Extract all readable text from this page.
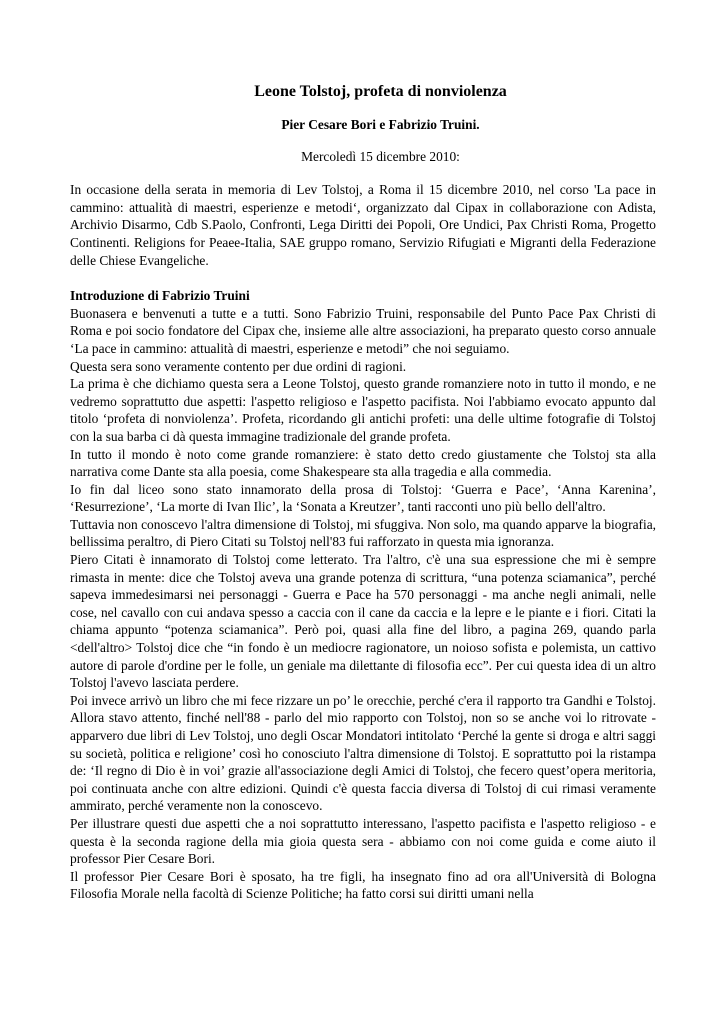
Leone Tolstoj, profeta di nonviolenza
Pier Cesare Bori e Fabrizio Truini.
Mercoledì 15 dicembre 2010:

In occasione della serata in memoria di Lev Tolstoj, a Roma il 15 dicembre 2010, nel corso 'La pace in cammino: attualità di maestri, esperienze e metodi‘, organizzato dal Cipax in collaborazione con Adista, Archivio Disarmo, Cdb S.Paolo, Confronti, Lega Diritti dei Popoli, Ore Undici, Pax Christi Roma, Progetto Continenti. Religions for Peaee-Italia, SAE gruppo romano, Servizio Rifugiati e Migranti della Federazione delle Chiese Evangeliche.

Introduzione di Fabrizio Truini

Buonasera e benvenuti a tutte e a tutti. Sono Fabrizio Truini, responsabile del Punto Pace Pax Christi di Roma e poi socio fondatore del Cipax che, insieme alle altre associazioni, ha preparato questo corso annuale ‘La pace in cammino: attualità di maestri, esperienze e metodi” che noi seguiamo.

Questa sera sono veramente contento per due ordini di ragioni.

La prima è che dichiamo questa sera a Leone Tolstoj, questo grande romanziere noto in tutto il mondo, e ne vedremo soprattutto due aspetti: l'aspetto religioso e l'aspetto pacifista. Noi l'abbiamo evocato appunto dal titolo ‘profeta di nonviolenza’. Profeta, ricordando gli antichi profeti: una delle ultime fotografie di Tolstoj con la sua barba ci dà questa immagine tradizionale del grande profeta.

In tutto il mondo è noto come grande romanziere: è stato detto credo giustamente che Tolstoj sta alla narrativa come Dante sta alla poesia, come Shakespeare sta alla tragedia e alla commedia.

Io fin dal liceo sono stato innamorato della prosa di Tolstoj: ‘Guerra e Pace’, ‘Anna Karenina’, ‘Resurrezione’, ‘La morte di Ivan Ilic’, la ‘Sonata a Kreutzer’, tanti racconti uno più bello dell'altro.

Tuttavia non conoscevo l'altra dimensione di Tolstoj, mi sfuggiva. Non solo, ma quando apparve la biografia, bellissima peraltro, di Piero Citati su Tolstoj nell'83 fui rafforzato in questa mia ignoranza.

Piero Citati è innamorato di Tolstoj come letterato. Tra l'altro, c'è una sua espressione che mi è sempre rimasta in mente: dice che Tolstoj aveva una grande potenza di scrittura, “una potenza sciamanica”, perché sapeva immedesimarsi nei personaggi - Guerra e Pace ha 570 personaggi - ma anche negli animali, nelle cose, nel cavallo con cui andava spesso a caccia con il cane da caccia e la lepre e le piante e i fiori. Citati la chiama appunto “potenza sciamanica”. Però poi, quasi alla fine del libro, a pagina 269, quando parla <dell'altro> Tolstoj dice che “in fondo è un mediocre ragionatore, un noioso sofista e polemista, un cattivo autore di parole d'ordine per le folle, un geniale ma dilettante di filosofia ecc”. Per cui questa idea di un altro Tolstoj l'avevo lasciata perdere.

Poi invece arrivò un libro che mi fece rizzare un po’ le orecchie, perché c'era il rapporto tra Gandhi e Tolstoj. Allora stavo attento, finché nell'88 - parlo del mio rapporto con Tolstoj, non so se anche voi lo ritrovate - apparvero due libri di Lev Tolstoj, uno degli Oscar Mondatori intitolato ‘Perché la gente si droga e altri saggi su società, politica e religione’ così ho conosciuto l'altra dimensione di Tolstoj. E soprattutto poi la ristampa de: ‘Il regno di Dio è in voi’ grazie all'associazione degli Amici di Tolstoj, che fecero quest’opera meritoria, poi continuata anche con altre edizioni. Quindi c'è questa faccia diversa di Tolstoj di cui rimasi veramente ammirato, perché veramente non la conoscevo.

Per illustrare questi due aspetti che a noi soprattutto interessano, l'aspetto pacifista e l'aspetto religioso - e questa è la seconda ragione della mia gioia questa sera - abbiamo con noi come guida e come aiuto il professor Pier Cesare Bori.

Il professor Pier Cesare Bori è sposato, ha tre figli, ha insegnato fino ad ora all'Università di Bologna Filosofia Morale nella facoltà di Scienze Politiche; ha fatto corsi sui diritti umani nella
